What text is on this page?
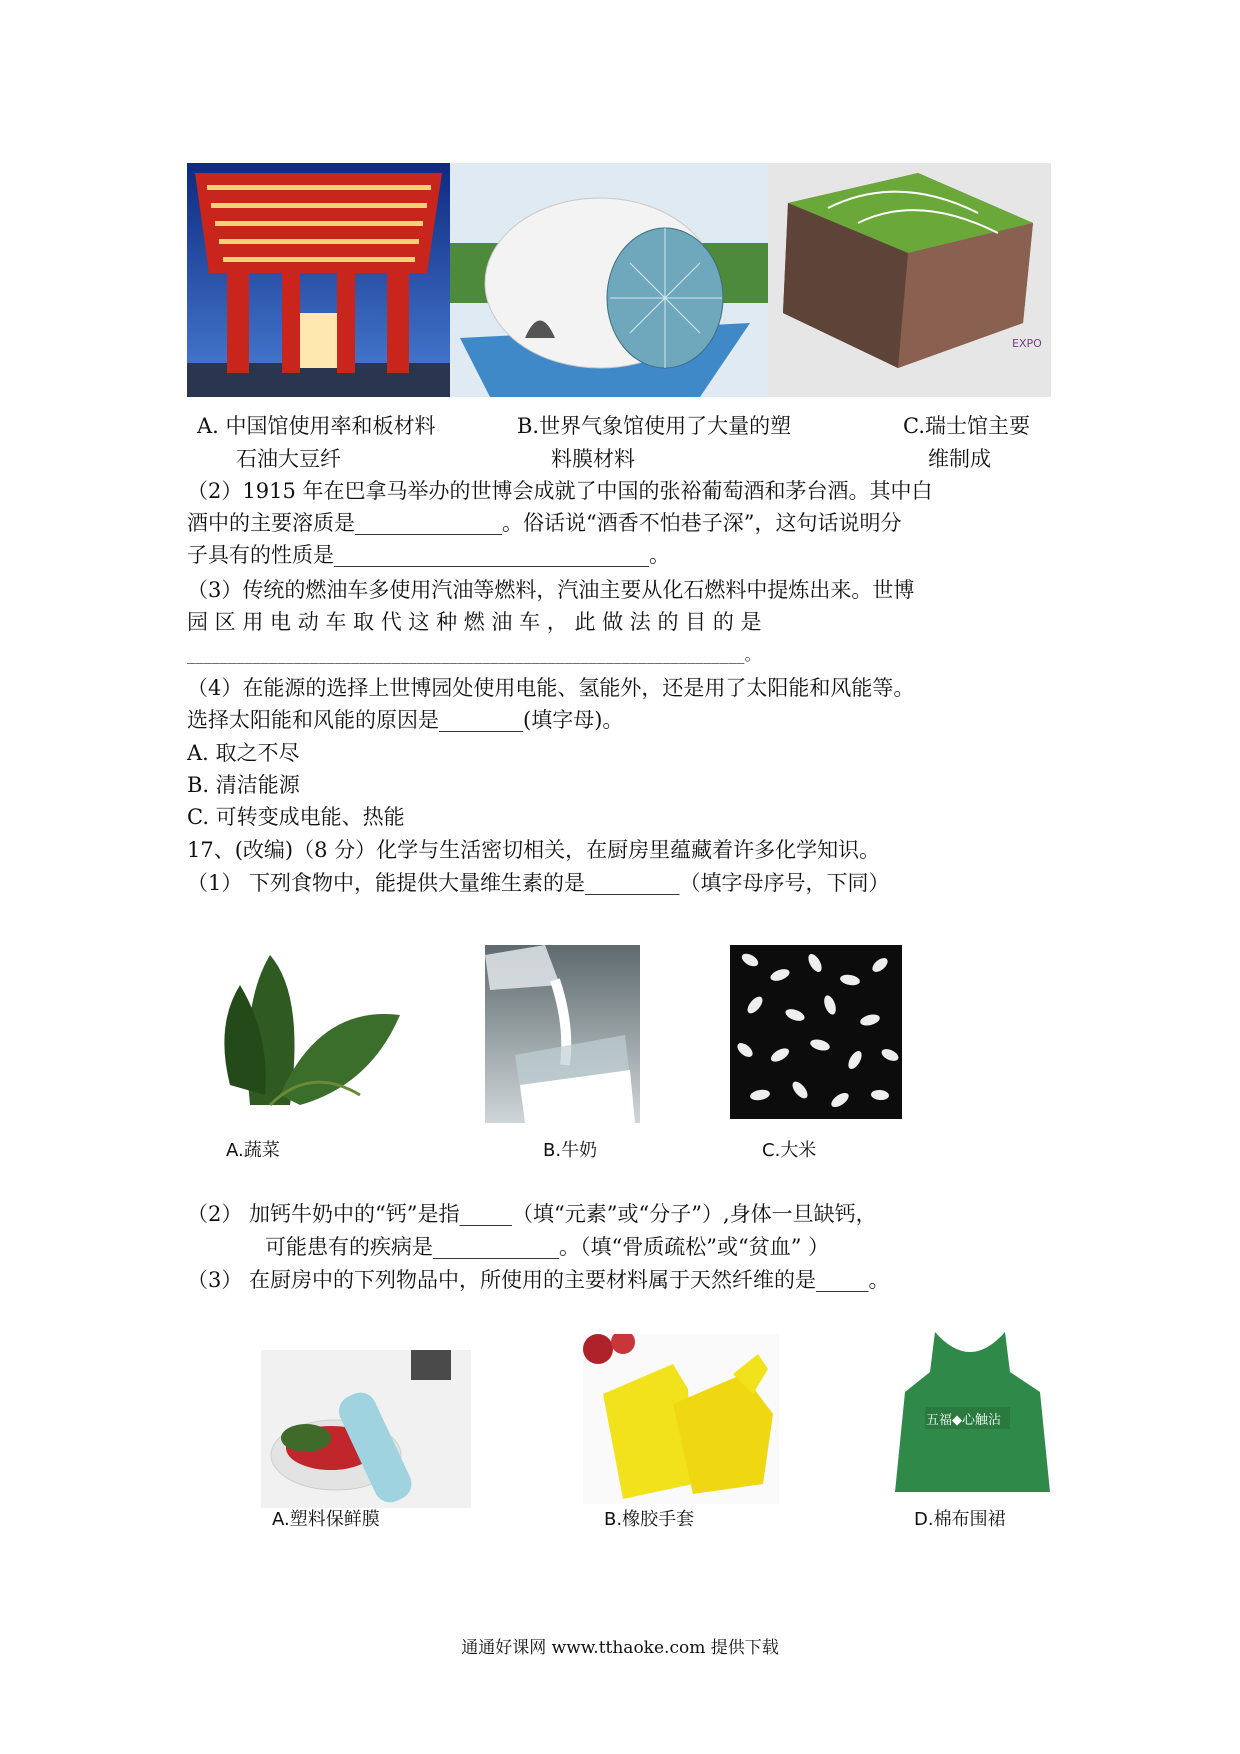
EXPO
A. 中国馆使用率和板材料
石油大豆纤
B.世界气象馆使用了大量的塑
料膜材料
C.瑞士馆主要
维制成
（2）1915 年在巴拿马举办的世博会成就了中国的张裕葡萄酒和茅台酒。其中白
酒中的主要溶质是______________。俗话说“酒香不怕巷子深”，这句话说明分
子具有的性质是______________________________。
（3）传统的燃油车多使用汽油等燃料，汽油主要从化石燃料中提炼出来。世博
园 区 用 电 动 车 取 代 这 种 燃 油 车 ， 此 做 法 的 目 的 是
____________________________________________________________________。
（4）在能源的选择上世博园处使用电能、氢能外，还是用了太阳能和风能等。
选择太阳能和风能的原因是________(填字母)。
A. 取之不尽
B. 清洁能源
C. 可转变成电能、热能
17、(改编)（8 分）化学与生活密切相关，在厨房里蕴藏着许多化学知识。
（1） 下列食物中，能提供大量维生素的是_________（填字母序号，下同）
A.蔬菜	B.牛奶	C.大米
（2） 加钙牛奶中的“钙”是指_____（填“元素”或“分子”）,身体一旦缺钙，
可能患有的疾病是____________。（填“骨质疏松”或“贫血” ）
（3） 在厨房中的下列物品中，所使用的主要材料属于天然纤维的是_____。
五福◆心触沾
A.塑料保鲜膜	B.橡胶手套	D.棉布围裙
通通好课网 www.tthaoke.com 提供下载
